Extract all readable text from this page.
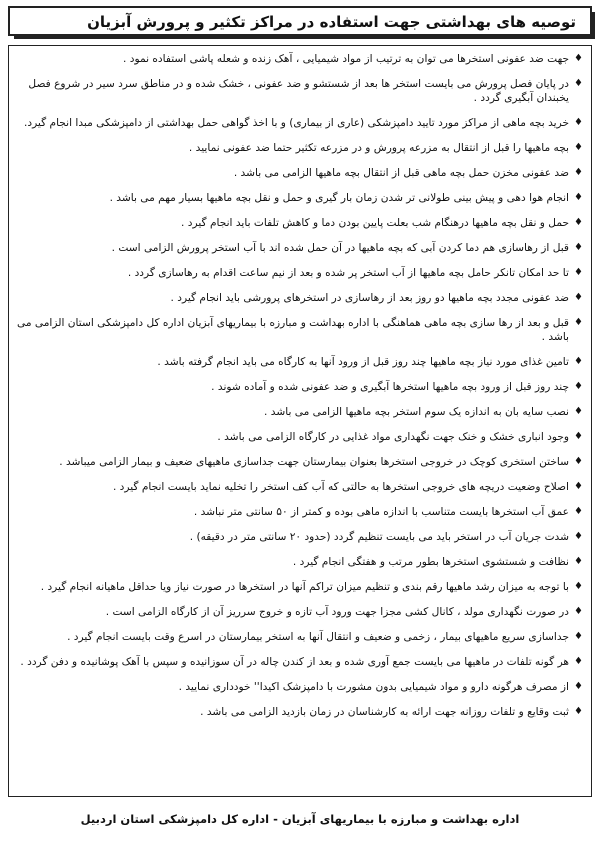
توصیه های بهداشتی جهت استفاده در مراکز تکثیر و پرورش آبزیان
♦
جهت ضد عفونی استخرها می توان به ترتیب از مواد شیمیایی ، آهک زنده و شعله پاشی استفاده نمود .
♦
در پایان فصل پرورش می بایست استخر ها بعد از شستشو و ضد عفونی ، خشک شده و در مناطق سرد سیر در شروع فصل یخبندان آبگیری گردد .
♦
خرید بچه ماهی از مراکز مورد تایید دامپزشکی (عاری از بیماری) و با اخذ گواهی حمل بهداشتی از دامپزشکی مبدا انجام گیرد.
♦
بچه ماهیها را قبل از انتقال به مزرعه پرورش و در مزرعه تکثیر حتما ضد عفونی نمایید .
♦
ضد عفونی مخزن حمل بچه ماهی قبل از انتقال بچه ماهیها الزامی می باشد .
♦
انجام هوا دهی و پیش بینی طولانی تر شدن زمان بار گیری و حمل و نقل بچه ماهیها بسیار مهم می باشد .
♦
حمل و نقل بچه ماهیها درهنگام شب بعلت پایین بودن دما و کاهش تلفات باید انجام گیرد .
♦
قبل از رهاسازی هم دما کردن آبی که بچه ماهیها در آن حمل شده اند با آب استخر پرورش الزامی است .
♦
تا حد امکان تانکر حامل بچه ماهیها از آب استخر پر شده و بعد از نیم ساعت اقدام به رهاسازی گردد .
♦
ضد عفونی مجدد بچه ماهیها دو روز بعد از رهاسازی در استخرهای پرورشی باید انجام گیرد .
♦
قبل و بعد از رها سازی بچه ماهی هماهنگی با اداره بهداشت و مبارزه با بیماریهای آبزیان اداره کل دامپزشکی استان الزامی می باشد .
♦
تامین غذای مورد نیاز بچه ماهیها چند روز قبل از ورود آنها به کارگاه می باید انجام گرفته باشد .
♦
چند روز قبل از ورود بچه ماهیها استخرها آبگیری و ضد عفونی شده و آماده شوند .
♦
نصب سایه بان به اندازه یک سوم استخر بچه ماهیها الزامی می باشد .
♦
وجود انباری خشک و خنک جهت نگهداری مواد غذایی در کارگاه الزامی می باشد .
♦
ساختن استخری کوچک در خروجی استخرها بعنوان بیمارستان جهت جداسازی ماهیهای ضعیف و بیمار الزامی میباشد .
♦
اصلاح وضعیت دریچه های خروجی استخرها به حالتی که آب کف استخر را تخلیه نماید بایست انجام گیرد .
♦
عمق آب استخرها بایست متناسب با اندازه ماهی بوده و کمتر از ۵۰ سانتی متر نباشد .
♦
شدت جریان آب در استخر باید می بایست تنظیم گردد (حدود ۲۰ سانتی متر در دقیقه) .
♦
نظافت و شستشوی استخرها بطور مرتب و هفتگی انجام گیرد .
♦
با توجه به میزان رشد ماهیها رقم بندی و تنظیم میزان تراکم آنها در استخرها در صورت نیاز ویا حداقل ماهیانه انجام گیرد .
♦
در صورت نگهداری مولد ، کانال کشی مجزا جهت ورود آب تازه و خروج سرریز آن از کارگاه الزامی است .
♦
جداسازی سریع ماهیهای بیمار ، زخمی و ضعیف و انتقال آنها به استخر بیمارستان در اسرع وقت بایست انجام گیرد .
♦
هر گونه تلفات در ماهیها می بایست جمع آوری شده و بعد از کندن چاله در آن سوزانیده و سپس با آهک پوشانیده و دفن گردد .
♦
از مصرف هرگونه دارو و مواد شیمیایی بدون مشورت با دامپزشک اکیدا'' خودداری نمایید .
♦
ثبت وقایع و تلفات روزانه جهت ارائه به کارشناسان در زمان بازدید الزامی می باشد .
اداره بهداشت و مبارزه با بیماریهای آبزیان - اداره کل دامپزشکی استان اردبیل
